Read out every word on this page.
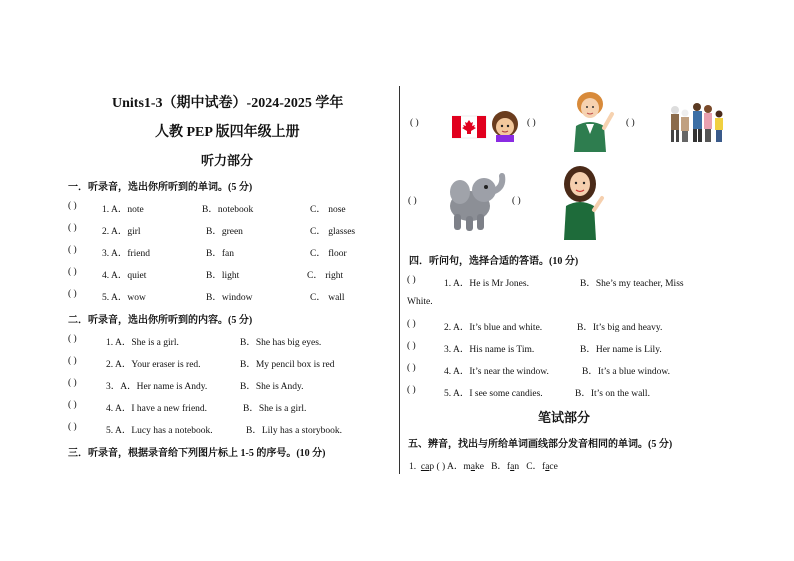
Units1-3（期中试卷）-2024-2025 学年
人教 PEP 版四年级上册
听力部分
一．听录音，选出你所听到的单词。(5 分)
( )	1. A．note	B．notebook	C． nose
( )	2. A．girl	B．green	C． glasses
( )	3. A．friend	B．fan	C． floor
( )	4. A．quiet	B．light	C． right
( )	5. A．wow	B．window	C． wall
二．听录音，选出你所听到的内容。(5 分)
( )	1. A．She is a girl.	B．She has big eyes.
( )	2. A．Your eraser is red.	B．My pencil box is red
( )	3．A．Her name is Andy.	B．She is Andy.
( )	4. A．I have a new friend.	B．She is a girl.
( )	5. A．Lucy has a notebook.	B．Lily has a storybook.
三．听录音，根据录音给下列图片标上 1-5 的序号。(10 分)
( )	( )	( )
( )	( )
四．听问句，选择合适的答语。(10 分)
( )	1. A．He is Mr Jones.	B．She’s my teacher, Miss
White.
( )	2. A．It’s blue and white.	B．It’s big and heavy.
( )	3. A．His name is Tim.	B．Her name is Lily.
( )	4. A．It’s near the window.	B．It’s a blue window.
( )	5. A．I see some candies.	B．It’s on the wall.
笔试部分
五、辨音，找出与所给单词画线部分发音相同的单词。(5 分)
1. cap ( ) A．make B．fan C．face
